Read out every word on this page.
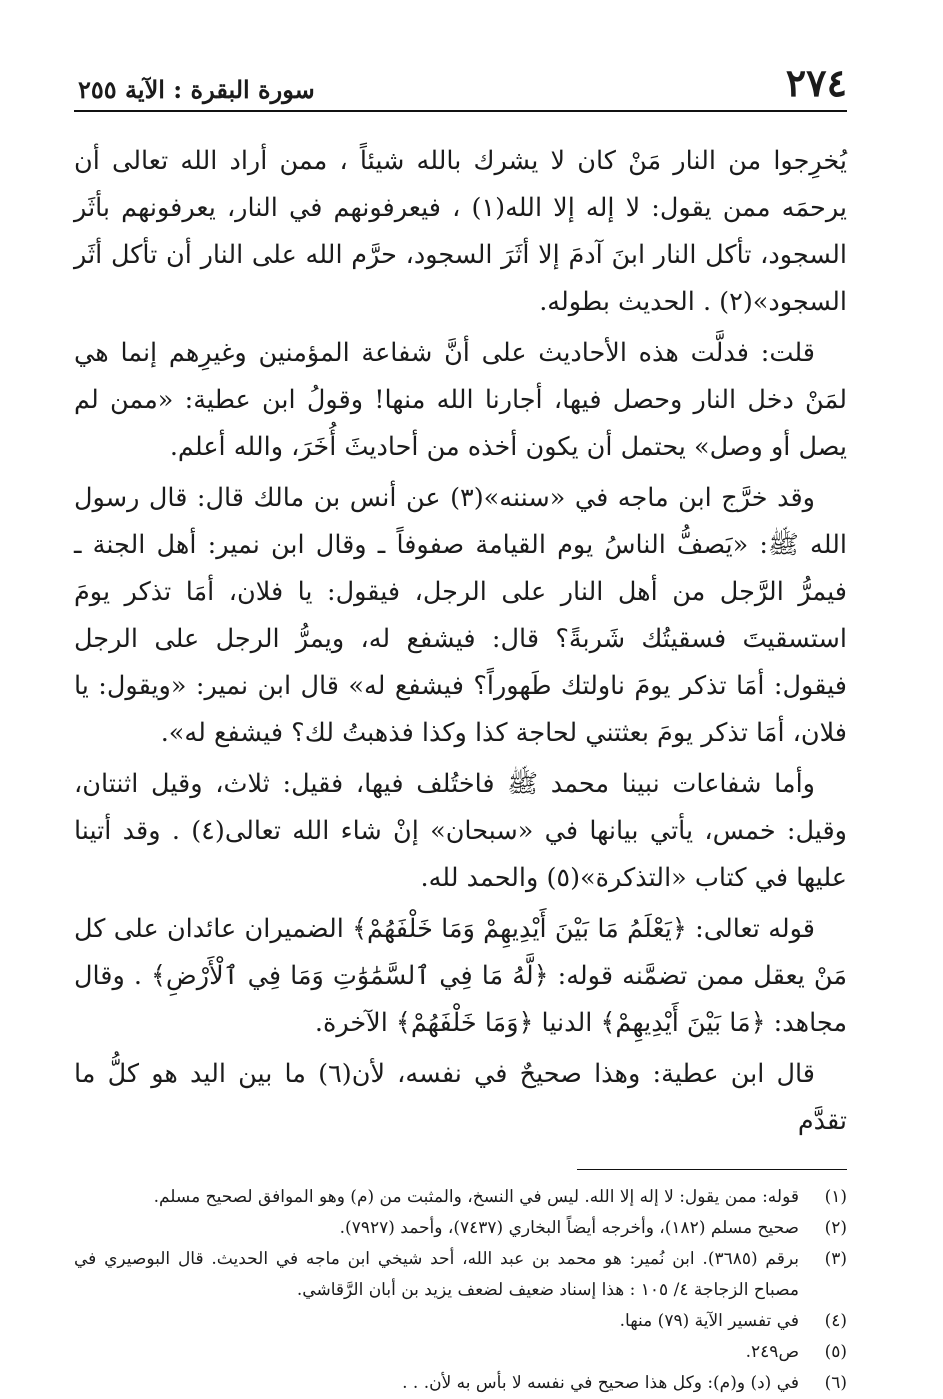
٢٧٤
سورة البقرة : الآية ٢٥٥

يُخرِجوا من النار مَنْ كان لا يشرك بالله شيئاً ، ممن أراد الله تعالى أن يرحمَه ممن يقول: لا إله إلا الله(١) ، فيعرفونهم في النار، يعرفونهم بأثَر السجود، تأكل النار ابنَ آدمَ إلا أثَرَ السجود، حرَّم الله على النار أن تأكل أثَر السجود»(٢) . الحديث بطوله.

قلت: فدلَّت هذه الأحاديث على أنَّ شفاعة المؤمنين وغيرِهم إنما هي لمَنْ دخل النار وحصل فيها، أجارنا الله منها! وقولُ ابن عطية: «ممن لم يصل أو وصل» يحتمل أن يكون أخذه من أحاديثَ أُخَرَ، والله أعلم.

وقد خرَّج ابن ماجه في «سننه»(٣) عن أنس بن مالك قال: قال رسول الله ﷺ: «يَصفُّ الناسُ يوم القيامة صفوفاً ـ وقال ابن نمير: أهل الجنة ـ فيمرُّ الرَّجل من أهل النار على الرجل، فيقول: يا فلان، أمَا تذكر يومَ استسقيتَ فسقيتُك شَربةً؟ قال: فيشفع له، ويمرُّ الرجل على الرجل فيقول: أمَا تذكر يومَ ناولتك طَهوراً؟ فيشفع له» قال ابن نمير: «ويقول: يا فلان، أمَا تذكر يومَ بعثتني لحاجة كذا وكذا فذهبتُ لك؟ فيشفع له».

وأما شفاعات نبينا محمد ﷺ فاختُلف فيها، فقيل: ثلاث، وقيل اثنتان، وقيل: خمس، يأتي بيانها في «سبحان» إنْ شاء الله تعالى(٤) . وقد أتينا عليها في كتاب «التذكرة»(٥) والحمد لله.

قوله تعالى: ﴿يَعْلَمُ مَا بَيْنَ أَيْدِيهِمْ وَمَا خَلْفَهُمْ﴾ الضميران عائدان على كل مَنْ يعقل ممن تضمَّنه قوله: ﴿لَّهُ مَا فِي ٱلسَّمَٰوَٰتِ وَمَا فِي ٱلْأَرْضِ﴾ . وقال مجاهد: ﴿مَا بَيْنَ أَيْدِيهِمْ﴾ الدنيا ﴿وَمَا خَلْفَهُمْ﴾ الآخرة.

قال ابن عطية: وهذا صحيحٌ في نفسه، لأن(٦) ما بين اليد هو كلُّ ما تقدَّم

(١)
قوله: ممن يقول: لا إله إلا الله. ليس في النسخ، والمثبت من (م) وهو الموافق لصحيح مسلم.
(٢)
صحيح مسلم (١٨٢)، وأخرجه أيضاً البخاري (٧٤٣٧)، وأحمد (٧٩٢٧).
(٣)
برقم (٣٦٨٥). ابن نُمير: هو محمد بن عبد الله، أحد شيخي ابن ماجه في الحديث. قال البوصيري في مصباح الزجاجة ٤/ ١٠٥ : هذا إسناد ضعيف لضعف يزيد بن أبان الرَّقاشي.
(٤)
في تفسير الآية (٧٩) منها.
(٥)
ص٢٤٩.
(٦)
في (د) و(م): وكل هذا صحيح في نفسه لا بأس به لأن. . .
